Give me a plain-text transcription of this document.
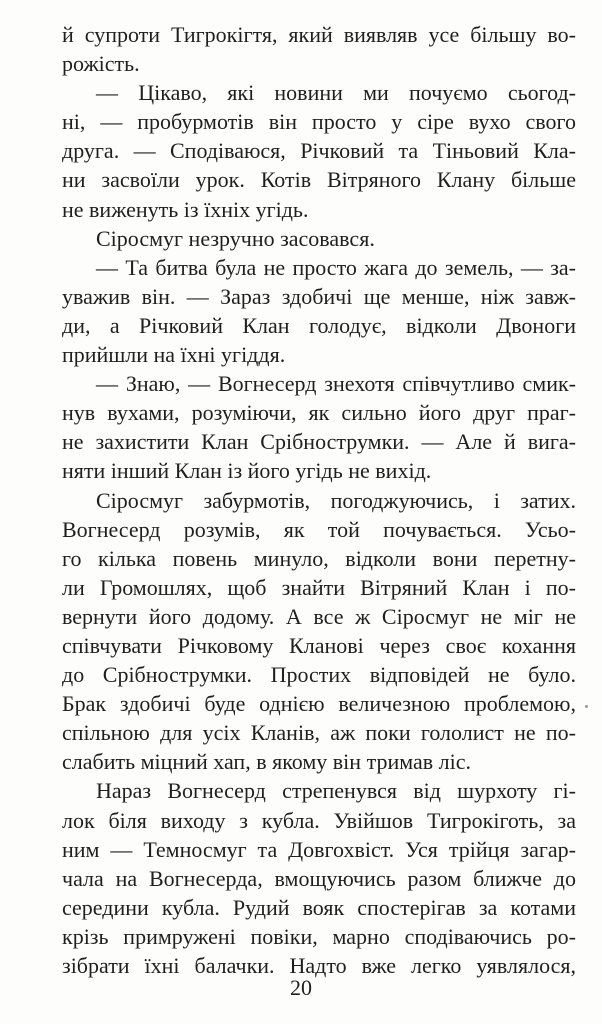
й супроти Тигрокігтя, який виявляв усе більшу во-
рожість.
— Цікаво, які новини ми почуємо сьогод-
ні, — пробурмотів він просто у сіре вухо свого
друга. — Сподіваюся, Річковий та Тіньовий Кла-
ни засвоїли урок. Котів Вітряного Клану більше
не виженуть із їхніх угідь.
Сіросмуг незручно засовався.
— Та битва була не просто жага до земель, — за-
уважив він. — Зараз здобичі ще менше, ніж завж-
ди, а Річковий Клан голодує, відколи Двоноги
прийшли на їхні угіддя.
— Знаю, — Вогнесерд знехотя співчутливо смик-
нув вухами, розуміючи, як сильно його друг праг-
не захистити Клан Срібнострумки. — Але й вига-
няти інший Клан із його угідь не вихід.
Сіросмуг забурмотів, погоджуючись, і затих.
Вогнесерд розумів, як той почувається. Усьо-
го кілька повень минуло, відколи вони перетну-
ли Громошлях, щоб знайти Вітряний Клан і по-
вернути його додому. А все ж Сіросмуг не міг не
співчувати Річковому Кланові через своє кохання
до Срібнострумки. Простих відповідей не було.
Брак здобичі буде однією величезною проблемою,
спільною для усіх Кланів, аж поки гололист не по-
слабить міцний хап, в якому він тримав ліс.
Нараз Вогнесерд стрепенувся від шурхоту гі-
лок біля виходу з кубла. Увійшов Тигрокіготь, за
ним — Темносмуг та Довгохвіст. Уся трійця загар-
чала на Вогнесерда, вмощуючись разом ближче до
середини кубла. Рудий вояк спостерігав за котами
крізь примружені повіки, марно сподіваючись ро-
зібрати їхні балачки. Надто вже легко уявлялося,
20
